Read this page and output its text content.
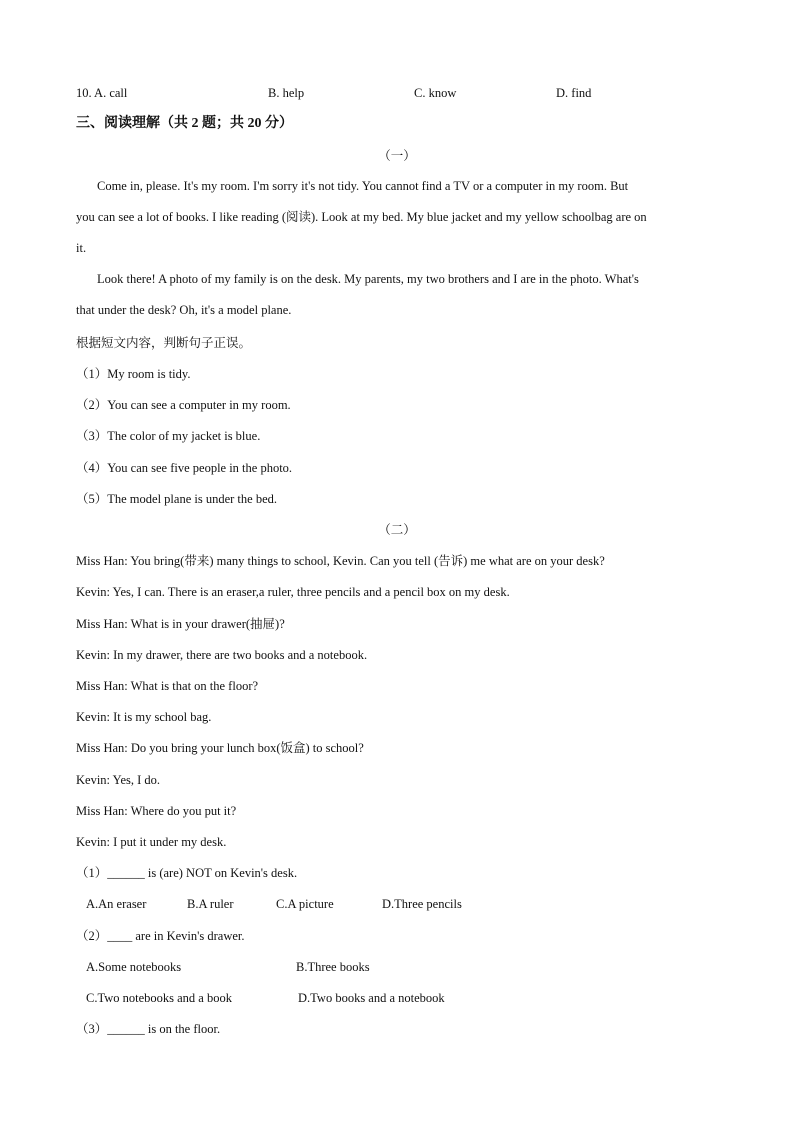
10. A. call	B. help	C. know	D. find
三、阅读理解（共 2 题；共 20 分）
（一）
Come in, please. It's my room. I'm sorry it's not tidy. You cannot find a TV or a computer in my room. But
you can see a lot of books. I like reading (阅读). Look at my bed. My blue jacket and my yellow schoolbag are on
it.
Look there! A photo of my family is on the desk. My parents, my two brothers and I are in the photo. What's
that under the desk? Oh, it's a model plane.
根据短文内容，判断句子正误。
（1）My room is tidy.
（2）You can see a computer in my room.
（3）The color of my jacket is blue.
（4）You can see five people in the photo.
（5）The model plane is under the bed.
（二）
Miss Han: You bring(带来) many things to school, Kevin. Can you tell (告诉) me what are on your desk?
Kevin: Yes, I can. There is an eraser,a ruler, three pencils and a pencil box on my desk.
Miss Han: What is in your drawer(抽屉)?
Kevin: In my drawer, there are two books and a notebook.
Miss Han: What is that on the floor?
Kevin: It is my school bag.
Miss Han: Do you bring your lunch box(饭盒) to school?
Kevin: Yes, I do.
Miss Han: Where do you put it?
Kevin: I put it under my desk.
（1）______ is (are) NOT on Kevin's desk.
A.An eraser	B.A ruler	C.A picture	D.Three pencils
（2）____ are in Kevin's drawer.
A.Some notebooks	B.Three books
C.Two notebooks and a book	D.Two books and a notebook
（3）______ is on the floor.
